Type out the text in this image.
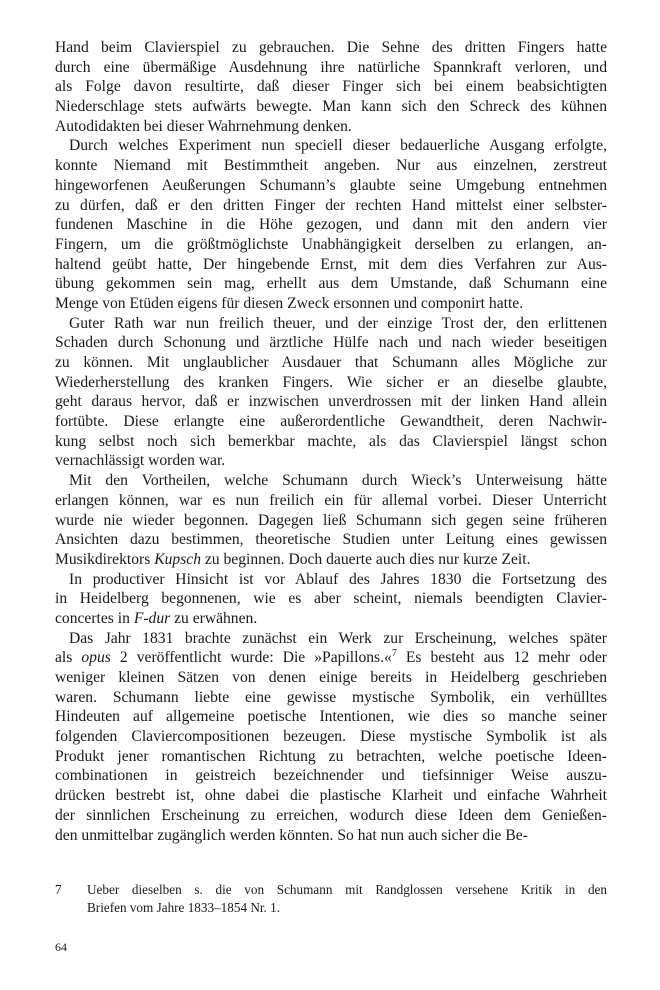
Hand beim Clavierspiel zu gebrauchen. Die Sehne des dritten Fingers hatte
durch eine übermäßige Ausdehnung ihre natürliche Spannkraft verloren, und
als Folge davon resultirte, daß dieser Finger sich bei einem beabsichtigten
Niederschlage stets aufwärts bewegte. Man kann sich den Schreck des kühnen
Autodidakten bei dieser Wahrnehmung denken.
Durch welches Experiment nun speciell dieser bedauerliche Ausgang erfolgte,
konnte Niemand mit Bestimmtheit angeben. Nur aus einzelnen, zerstreut
hingeworfenen Aeußerungen Schumann’s glaubte seine Umgebung entnehmen
zu dürfen, daß er den dritten Finger der rechten Hand mittelst einer selbster-
fundenen Maschine in die Höhe gezogen, und dann mit den andern vier
Fingern, um die größtmöglichste Unabhängigkeit derselben zu erlangen, an-
haltend geübt hatte, Der hingebende Ernst, mit dem dies Verfahren zur Aus-
übung gekommen sein mag, erhellt aus dem Umstande, daß Schumann eine
Menge von Etüden eigens für diesen Zweck ersonnen und componirt hatte.
Guter Rath war nun freilich theuer, und der einzige Trost der, den erlittenen
Schaden durch Schonung und ärztliche Hülfe nach und nach wieder beseitigen
zu können. Mit unglaublicher Ausdauer that Schumann alles Mögliche zur
Wiederherstellung des kranken Fingers. Wie sicher er an dieselbe glaubte,
geht daraus hervor, daß er inzwischen unverdrossen mit der linken Hand allein
fortübte. Diese erlangte eine außerordentliche Gewandtheit, deren Nachwir-
kung selbst noch sich bemerkbar machte, als das Clavierspiel längst schon
vernachlässigt worden war.
Mit den Vortheilen, welche Schumann durch Wieck’s Unterweisung hätte
erlangen können, war es nun freilich ein für allemal vorbei. Dieser Unterricht
wurde nie wieder begonnen. Dagegen ließ Schumann sich gegen seine früheren
Ansichten dazu bestimmen, theoretische Studien unter Leitung eines gewissen
Musikdirektors Kupsch zu beginnen. Doch dauerte auch dies nur kurze Zeit.
In productiver Hinsicht ist vor Ablauf des Jahres 1830 die Fortsetzung des
in Heidelberg begonnenen, wie es aber scheint, niemals beendigten Clavier-
concertes in F-dur zu erwähnen.
Das Jahr 1831 brachte zunächst ein Werk zur Erscheinung, welches später
als opus 2 veröffentlicht wurde: Die »Papillons.«$^7$ Es besteht aus 12 mehr oder
weniger kleinen Sätzen von denen einige bereits in Heidelberg geschrieben
waren. Schumann liebte eine gewisse mystische Symbolik, ein verhülltes
Hindeuten auf allgemeine poetische Intentionen, wie dies so manche seiner
folgenden Claviercompositionen bezeugen. Diese mystische Symbolik ist als
Produkt jener romantischen Richtung zu betrachten, welche poetische Ideen-
combinationen in geistreich bezeichnender und tiefsinniger Weise auszu-
drücken bestrebt ist, ohne dabei die plastische Klarheit und einfache Wahrheit
der sinnlichen Erscheinung zu erreichen, wodurch diese Ideen dem Genießen-
den unmittelbar zugänglich werden könnten. So hat nun auch sicher die Be-
7	Ueber dieselben s. die von Schumann mit Randglossen versehene Kritik in den
Briefen vom Jahre 1833–1854 Nr. 1.
64
